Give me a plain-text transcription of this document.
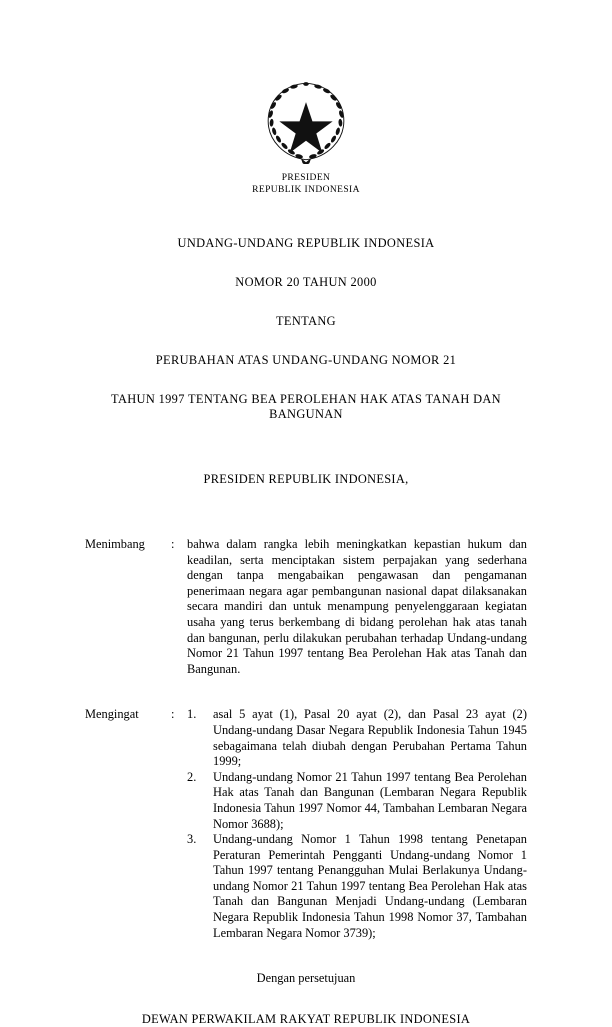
PRESIDEN
REPUBLIK INDONESIA
UNDANG-UNDANG REPUBLIK INDONESIA
NOMOR 20 TAHUN 2000
TENTANG
PERUBAHAN ATAS UNDANG-UNDANG NOMOR 21
TAHUN 1997 TENTANG BEA PEROLEHAN HAK ATAS TANAH DAN BANGUNAN
PRESIDEN REPUBLIK INDONESIA,
Menimbang	:	bahwa dalam rangka lebih meningkatkan kepastian hukum dan keadilan, serta menciptakan sistem perpajakan yang sederhana dengan tanpa mengabaikan pengawasan dan pengamanan penerimaan negara agar pembangunan nasional dapat dilaksanakan secara mandiri dan untuk menampung penyelenggaraan kegiatan usaha yang terus berkembang di bidang perolehan hak atas tanah dan bangunan, perlu dilakukan perubahan terhadap Undang-undang Nomor 21 Tahun 1997 tentang Bea Perolehan Hak atas Tanah dan Bangunan.

Mengingat	:	1.	asal 5 ayat (1), Pasal 20 ayat (2), dan Pasal 23 ayat (2) Undang-undang Dasar Negara Republik Indonesia Tahun 1945 sebagaimana telah diubah dengan Perubahan Pertama Tahun 1999;
2.	Undang-undang Nomor 21 Tahun 1997 tentang Bea Perolehan Hak atas Tanah dan Bangunan (Lembaran Negara Republik Indonesia Tahun 1997 Nomor 44, Tambahan Lembaran Negara Nomor 3688);
3.	Undang-undang Nomor 1 Tahun 1998 tentang Penetapan Peraturan Pemerintah Pengganti Undang-undang Nomor 1 Tahun 1997 tentang Penangguhan Mulai Berlakunya Undang-undang Nomor 21 Tahun 1997 tentang Bea Perolehan Hak atas Tanah dan Bangunan Menjadi Undang-undang (Lembaran Negara Republik Indonesia Tahun 1998 Nomor 37, Tambahan Lembaran Negara Nomor 3739);
Dengan persetujuan
DEWAN PERWAKILAM RAKYAT REPUBLIK INDONESIA
